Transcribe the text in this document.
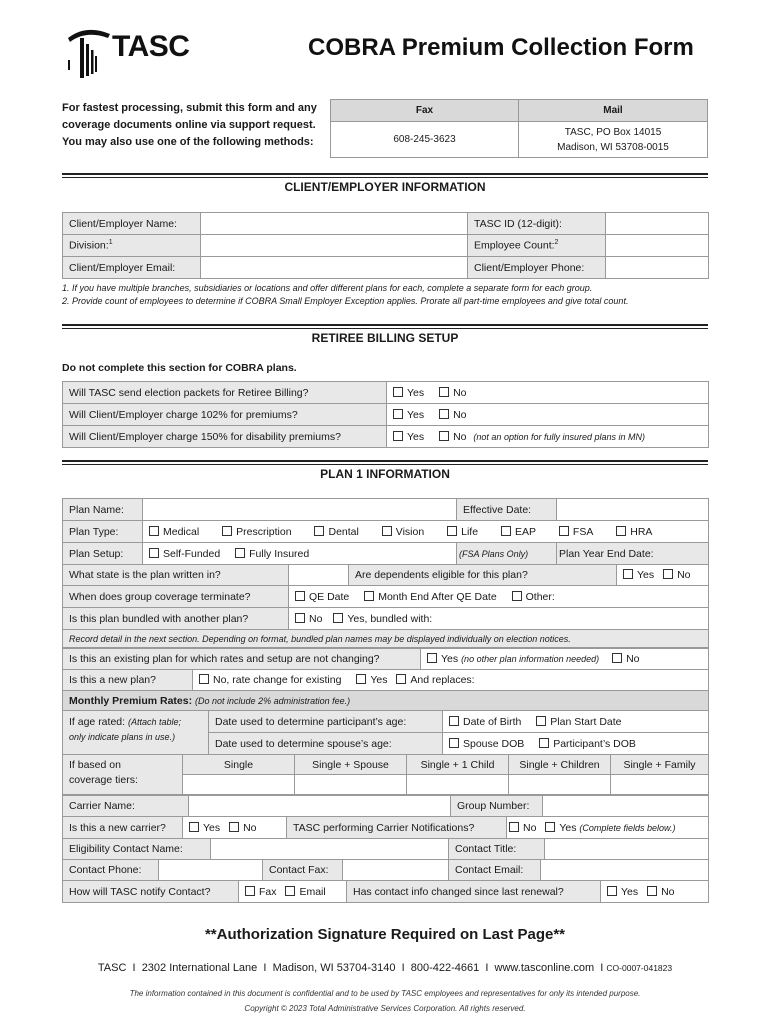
TASC	COBRA Premium Collection Form
For fastest processing, submit this form and any
coverage documents online via support request.
You may also use one of the following methods:
Fax	Mail
608-245-3623	TASC, PO Box 14015
Madison, WI 53708-0015
CLIENT/EMPLOYER INFORMATION
Client/Employer Name:		TASC ID (12-digit):	
Division:$^1$		Employee Count:$^2$	
Client/Employer Email:		Client/Employer Phone:	
1. If you have multiple branches, subsidiaries or locations and offer different plans for each, complete a separate form for each group.
2. Provide count of employees to determine if COBRA Small Employer Exception applies. Prorate all part-time employees and give total count.
RETIREE BILLING SETUP
Do not complete this section for COBRA plans.
Will TASC send election packets for Retiree Billing?	Yes No
Will Client/Employer charge 102% for premiums?	Yes No
Will Client/Employer charge 150% for disability premiums?	Yes No (not an option for fully insured plans in MN)
PLAN 1 INFORMATION
Plan Name:		Effective Date:	
Plan Type:	Medical Prescription Dental Vision Life EAP FSA HRA		
Plan Setup:	Self-Funded Fully Insured	(FSA Plans Only)	Plan Year End Date:
What state is the plan written in?		Are dependents eligible for this plan?	Yes No
When does group coverage terminate?	QE Date Month End After QE Date Other:
Is this plan bundled with another plan?	No Yes, bundled with:
Record detail in the next section. Depending on format, bundled plan names may be displayed individually on election notices.	
Is this an existing plan for which rates and setup are not changing?	Yes (no other plan information needed)	No
Is this a new plan?	No, rate change for existing	Yes And replaces:
Monthly Premium Rates: (Do not include 2% administration fee.)
If age rated: (Attach table;
only indicate plans in use.)	Date used to determine participant’s age:	Date of Birth Plan Start Date
	Date used to determine spouse’s age:	Spouse DOB Participant’s DOB
If based on
coverage tiers:	Single	Single + Spouse	Single + 1 Child	Single + Children	Single + Family

Carrier Name:		Group Number:	
Is this a new carrier?	Yes No	TASC performing Carrier Notifications?	No Yes (Complete fields below.)
Eligibility Contact Name:		Contact Title:	
Contact Phone:		Contact Fax:		Contact Email:	
How will TASC notify Contact?	Fax Email	Has contact info changed since last renewal?	Yes No
**Authorization Signature Required on Last Page**
TASC  I  2302 International Lane  I  Madison, WI 53704-3140  I  800-422-4661  I  www.tasconline.com  I CO-0007-041823
The information contained in this document is confidential and to be used by TASC employees and representatives for only its intended purpose.
Copyright © 2023 Total Administrative Services Corporation. All rights reserved.
